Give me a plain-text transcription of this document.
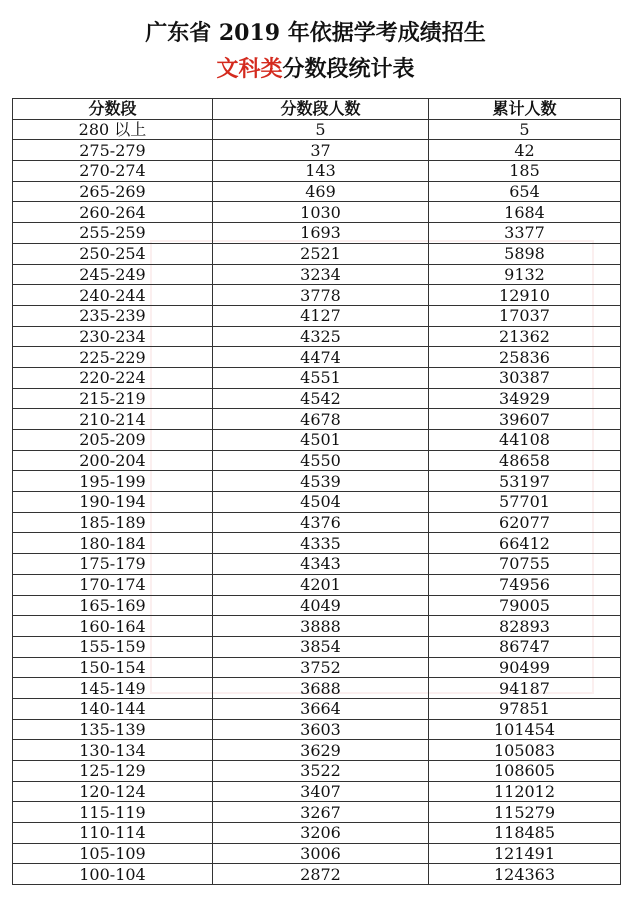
广东省 2019 年依据学考成绩招生
文科类分数段统计表
分数段	分数段人数	累计人数
280 以上	5	5
275-279	37	42
270-274	143	185
265-269	469	654
260-264	1030	1684
255-259	1693	3377
250-254	2521	5898
245-249	3234	9132
240-244	3778	12910
235-239	4127	17037
230-234	4325	21362
225-229	4474	25836
220-224	4551	30387
215-219	4542	34929
210-214	4678	39607
205-209	4501	44108
200-204	4550	48658
195-199	4539	53197
190-194	4504	57701
185-189	4376	62077
180-184	4335	66412
175-179	4343	70755
170-174	4201	74956
165-169	4049	79005
160-164	3888	82893
155-159	3854	86747
150-154	3752	90499
145-149	3688	94187
140-144	3664	97851
135-139	3603	101454
130-134	3629	105083
125-129	3522	108605
120-124	3407	112012
115-119	3267	115279
110-114	3206	118485
105-109	3006	121491
100-104	2872	124363
